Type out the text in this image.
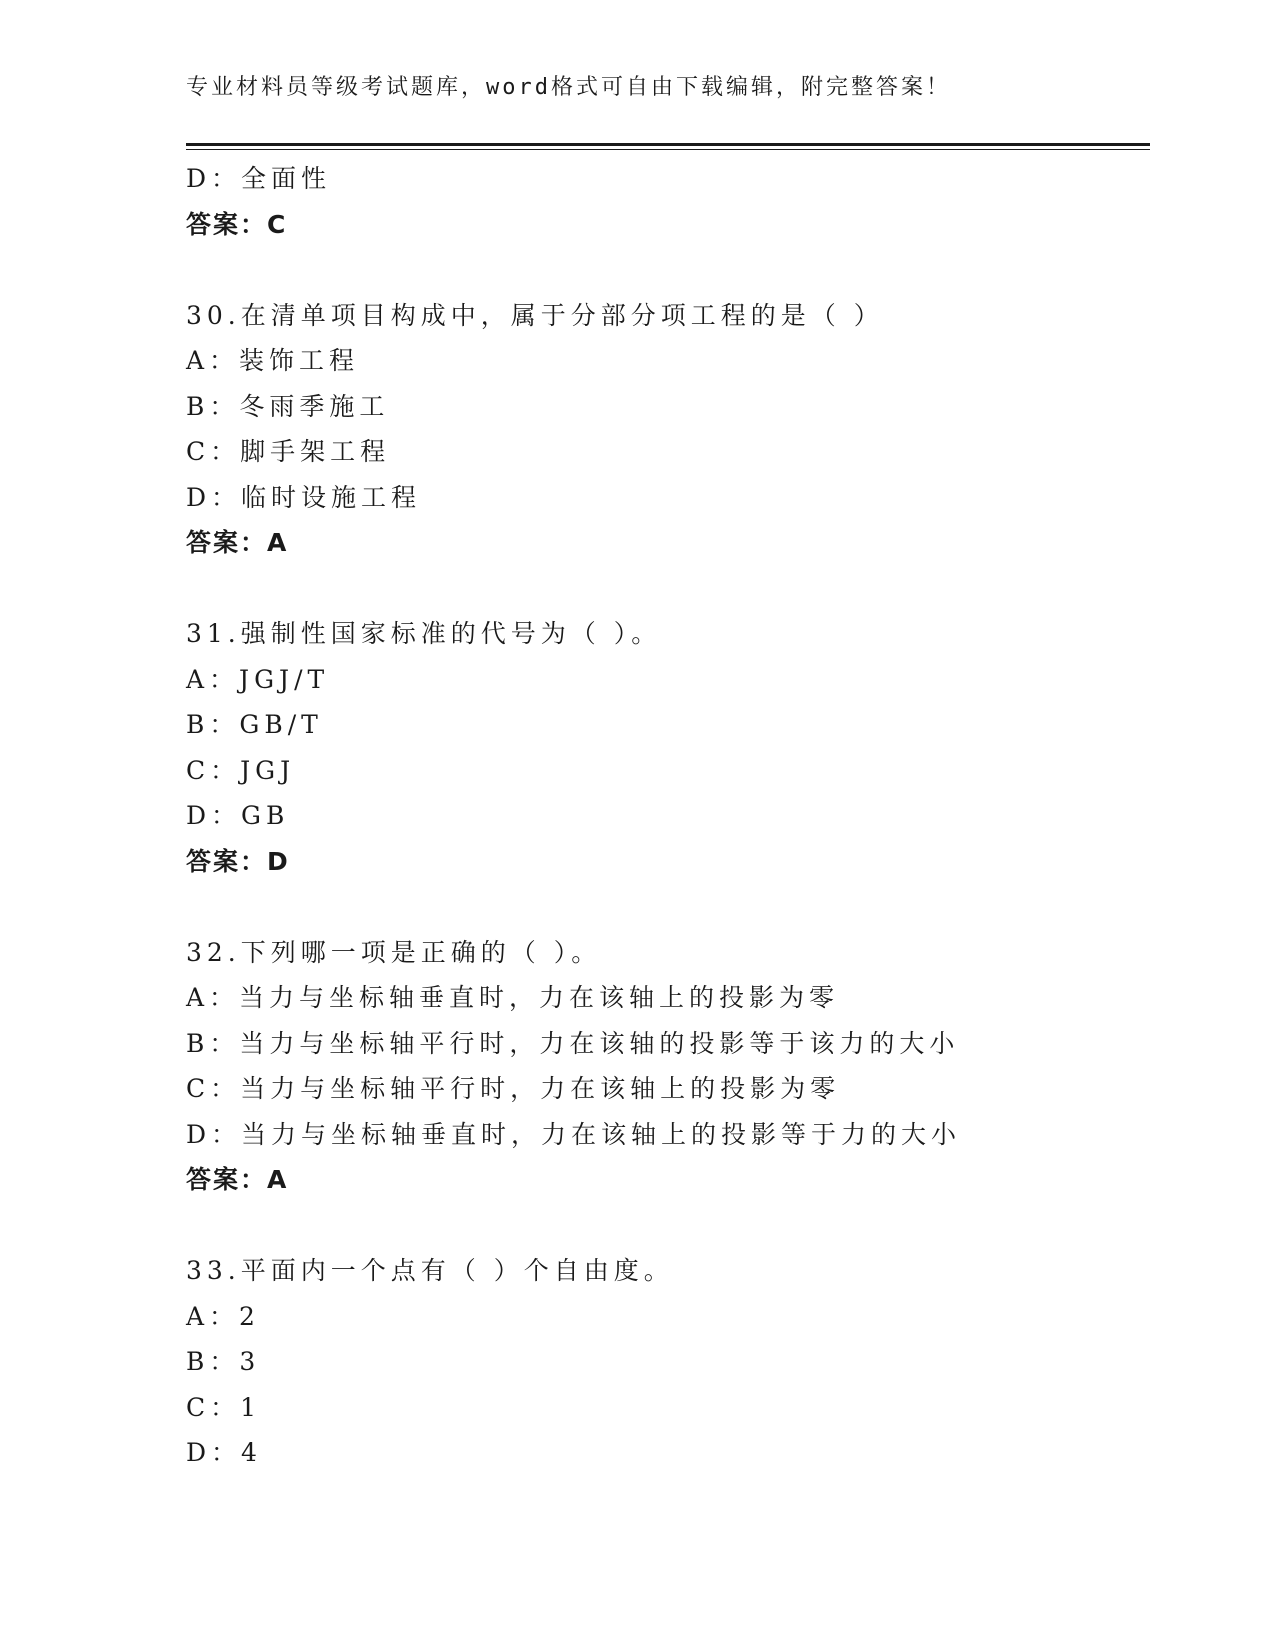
专业材料员等级考试题库，word格式可自由下载编辑，附完整答案！
D：全面性
答案：C
30.在清单项目构成中，属于分部分项工程的是（ ）
A：装饰工程
B：冬雨季施工
C：脚手架工程
D：临时设施工程
答案：A
31.强制性国家标准的代号为（ ）。
A：JGJ/T
B：GB/T
C：JGJ
D：GB
答案：D
32.下列哪一项是正确的（ ）。
A：当力与坐标轴垂直时，力在该轴上的投影为零
B：当力与坐标轴平行时，力在该轴的投影等于该力的大小
C：当力与坐标轴平行时，力在该轴上的投影为零
D：当力与坐标轴垂直时，力在该轴上的投影等于力的大小
答案：A
33.平面内一个点有（ ）个自由度。
A：2
B：3
C：1
D：4
